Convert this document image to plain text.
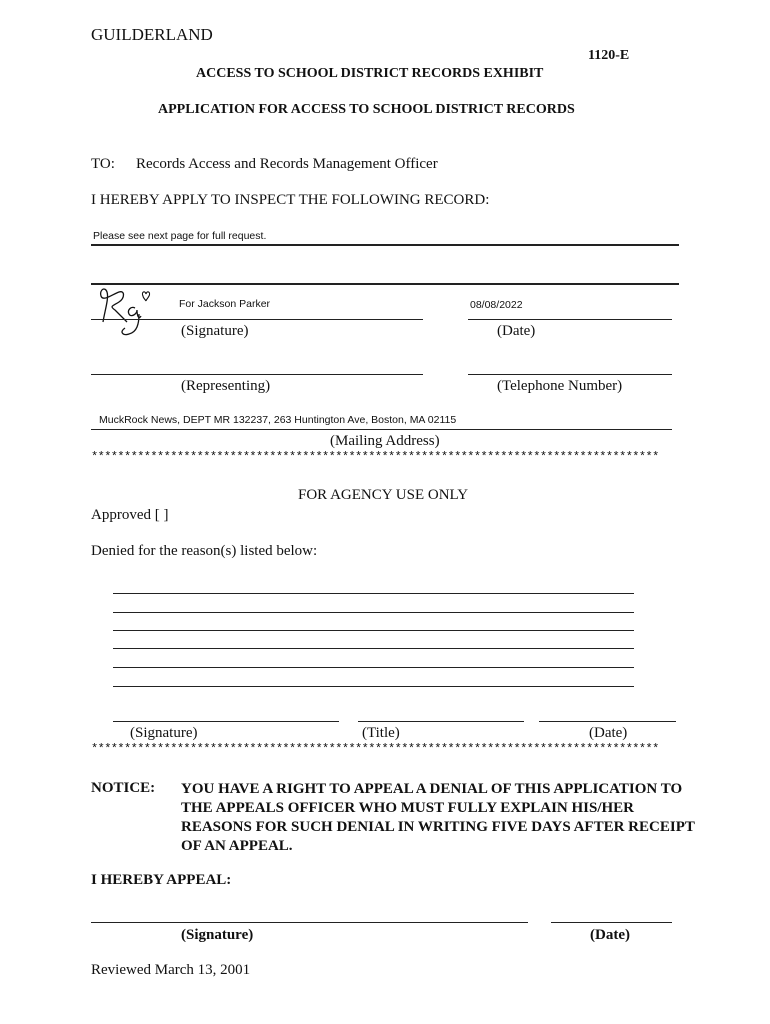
GUILDERLAND
1120-E
ACCESS TO SCHOOL DISTRICT RECORDS EXHIBIT
APPLICATION FOR ACCESS TO SCHOOL DISTRICT RECORDS
TO: Records Access and Records Management Officer
I HEREBY APPLY TO INSPECT THE FOLLOWING RECORD:
Please see next page for full request.
For Jackson Parker	08/08/2022
(Signature)	(Date)
(Representing)	(Telephone Number)
MuckRock News, DEPT MR 132237, 263 Huntington Ave, Boston, MA 02115
(Mailing Address)
**************************************************************************************
FOR AGENCY USE ONLY
Approved [ ]
Denied for the reason(s) listed below:
(Signature)	(Title)	(Date)
**************************************************************************************
NOTICE: YOU HAVE A RIGHT TO APPEAL A DENIAL OF THIS APPLICATION TO THE APPEALS OFFICER WHO MUST FULLY EXPLAIN HIS/HER REASONS FOR SUCH DENIAL IN WRITING FIVE DAYS AFTER RECEIPT OF AN APPEAL.
I HEREBY APPEAL:
(Signature)	(Date)
Reviewed March 13, 2001
